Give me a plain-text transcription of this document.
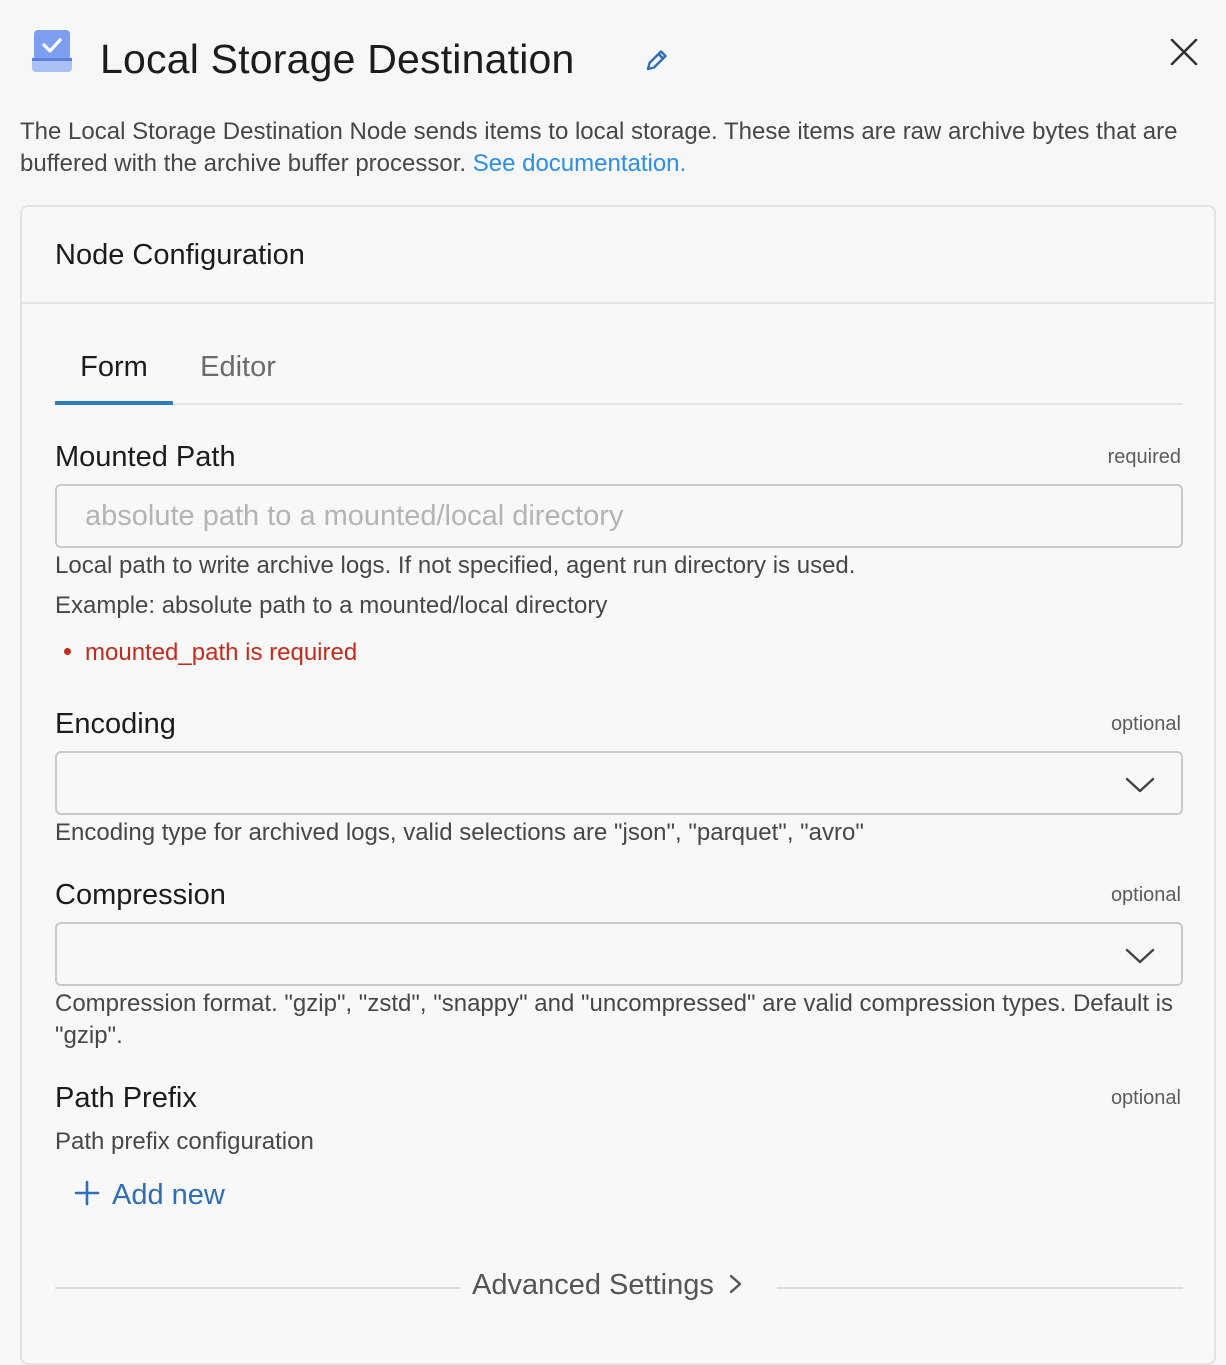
Local Storage Destination
The Local Storage Destination Node sends items to local storage. These items are raw archive bytes that are buffered with the archive buffer processor. See documentation.
Node Configuration
Form	Editor
Mounted Path	required
absolute path to a mounted/local directory
Local path to write archive logs. If not specified, agent run directory is used.
Example: absolute path to a mounted/local directory
mounted_path is required
Encoding	optional
Encoding type for archived logs, valid selections are "json", "parquet", "avro"
Compression	optional
Compression format. "gzip", "zstd", "snappy" and "uncompressed" are valid compression types. Default is "gzip".
Path Prefix	optional
Path prefix configuration
Add new
Advanced Settings
